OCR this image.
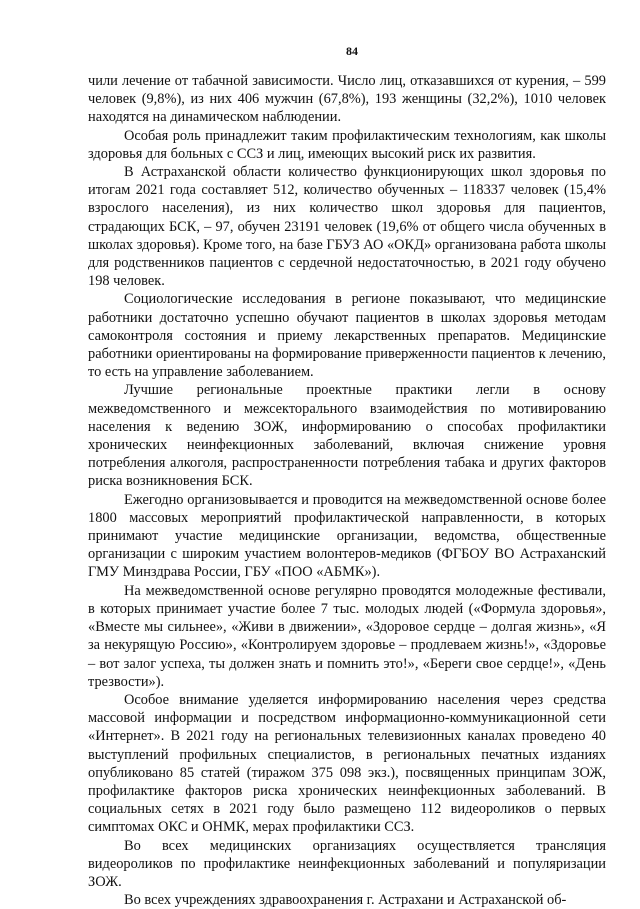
84

чили лечение от табачной зависимости. Число лиц, отказавшихся от курения, – 599 человек (9,8%), из них 406 мужчин (67,8%), 193 женщины (32,2%), 1010 человек находятся на динамическом наблюдении.

Особая роль принадлежит таким профилактическим технологиям, как школы здоровья для больных с ССЗ и лиц, имеющих высокий риск их развития.

В Астраханской области количество функционирующих школ здоровья по итогам 2021 года составляет 512, количество обученных – 118337 человек (15,4% взрослого населения), из них количество школ здоровья для пациентов, страдающих БСК, – 97, обучен 23191 человек (19,6% от общего числа обученных в школах здоровья). Кроме того, на базе ГБУЗ АО «ОКД» организована работа школы для родственников пациентов с сердечной недостаточностью, в 2021 году обучено 198 человек.

Социологические исследования в регионе показывают, что медицинские работники достаточно успешно обучают пациентов в школах здоровья методам самоконтроля состояния и приему лекарственных препаратов. Медицинские работники ориентированы на формирование приверженности пациентов к лечению, то есть на управление заболеванием.

Лучшие региональные проектные практики легли в основу межведомственного и межсекторального взаимодействия по мотивированию населения к ведению ЗОЖ, информированию о способах профилактики хронических неинфекционных заболеваний, включая снижение уровня потребления алкоголя, распространенности потребления табака и других факторов риска возникновения БСК.

Ежегодно организовывается и проводится на межведомственной основе более 1800 массовых мероприятий профилактической направленности, в которых принимают участие медицинские организации, ведомства, общественные организации с широким участием волонтеров-медиков (ФГБОУ ВО Астраханский ГМУ Минздрава России, ГБУ «ПОО «АБМК»).

На межведомственной основе регулярно проводятся молодежные фестивали, в которых принимает участие более 7 тыс. молодых людей («Формула здоровья», «Вместе мы сильнее», «Живи в движении», «Здоровое сердце – долгая жизнь», «Я за некурящую Россию», «Контролируем здоровье – продлеваем жизнь!», «Здоровье – вот залог успеха, ты должен знать и помнить это!», «Береги свое сердце!», «День трезвости»).

Особое внимание уделяется информированию населения через средства массовой информации и посредством информационно-коммуникационной сети «Интернет». В 2021 году на региональных телевизионных каналах проведено 40 выступлений профильных специалистов, в региональных печатных изданиях опубликовано 85 статей (тиражом 375 098 экз.), посвященных принципам ЗОЖ, профилактике факторов риска хронических неинфекционных заболеваний. В социальных сетях в 2021 году было размещено 112 видеороликов о первых симптомах ОКС и ОНМК, мерах профилактики ССЗ.

Во всех медицинских организациях осуществляется трансляция видеороликов по профилактике неинфекционных заболеваний и популяризации ЗОЖ.

Во всех учреждениях здравоохранения г. Астрахани и Астраханской об-
